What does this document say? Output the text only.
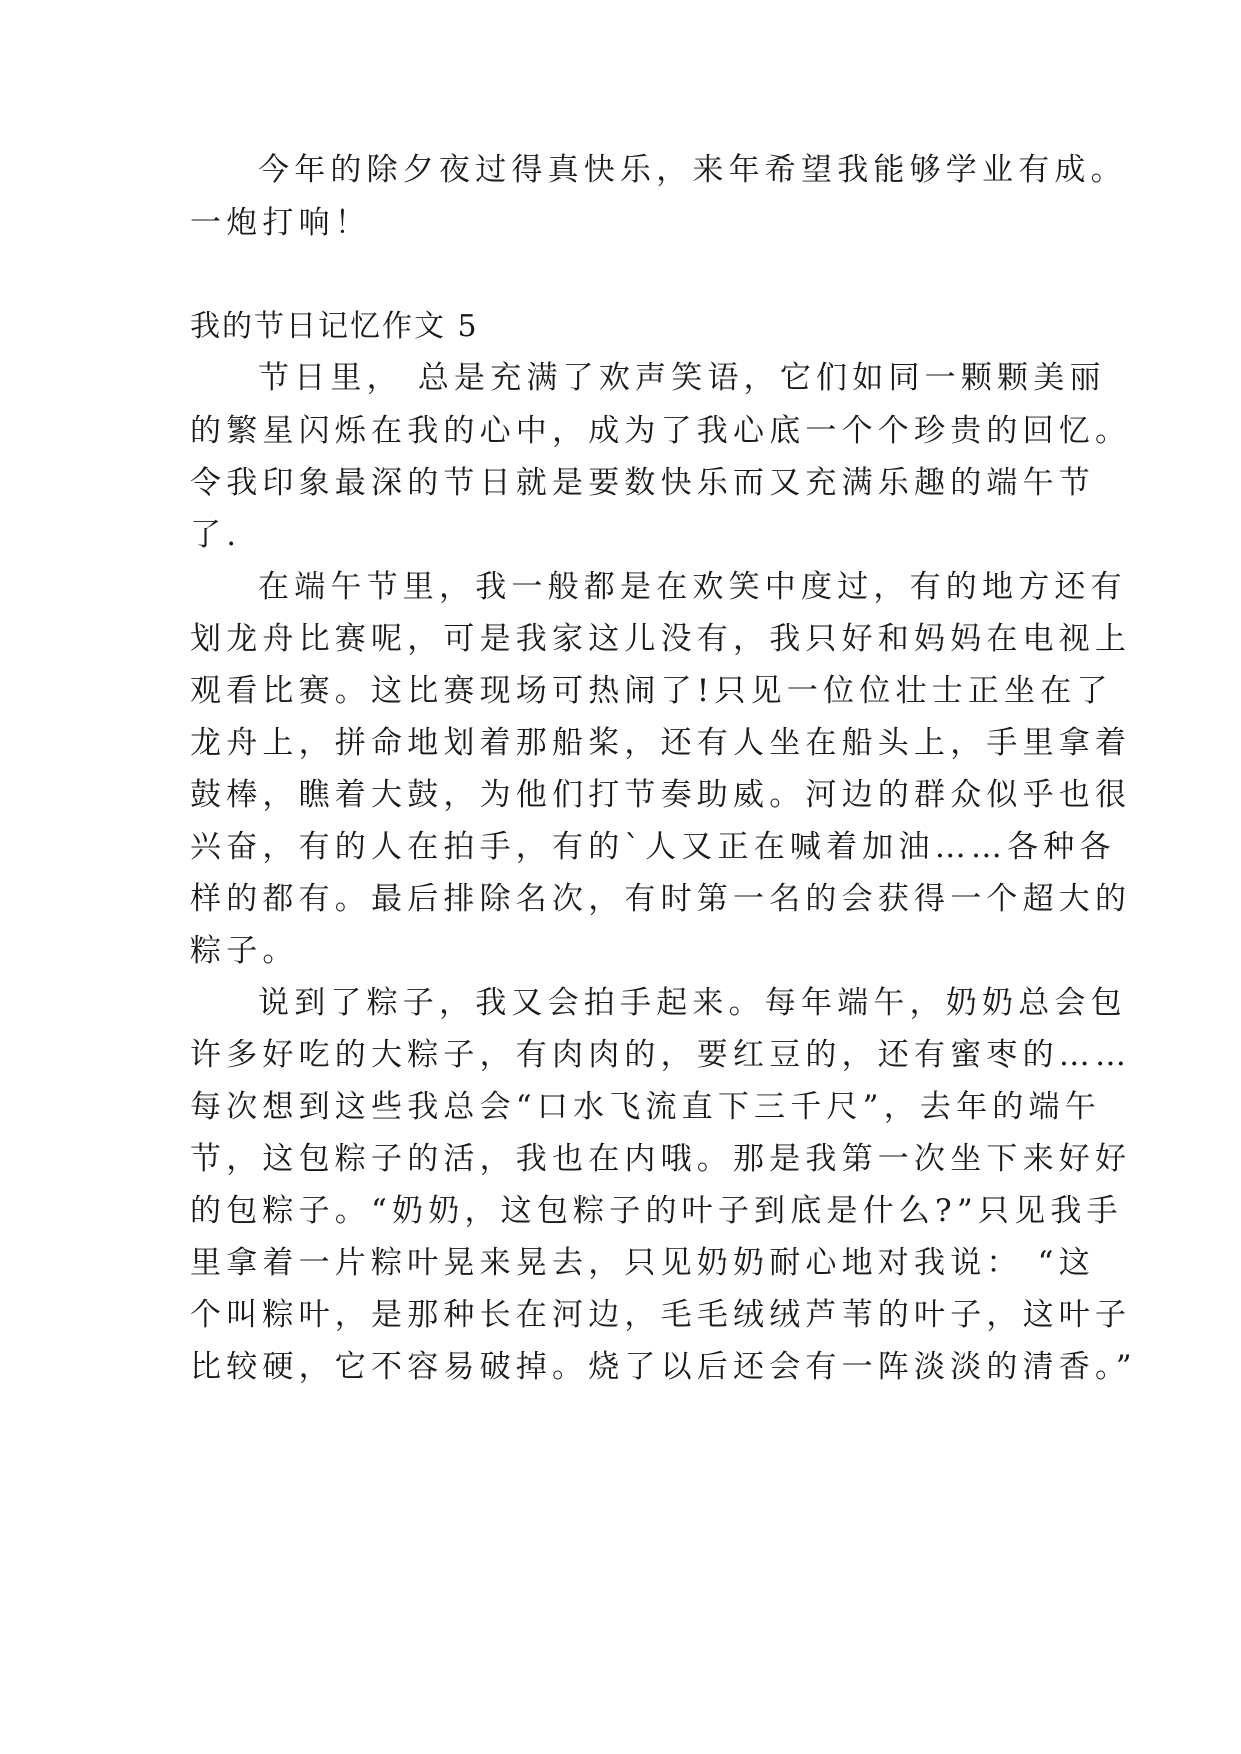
今年的除夕夜过得真快乐，来年希望我能够学业有成。

一炮打响！

我的节日记忆作文 5

节日里， 总是充满了欢声笑语，它们如同一颗颗美丽

的繁星闪烁在我的心中，成为了我心底一个个珍贵的回忆。

令我印象最深的节日就是要数快乐而又充满乐趣的端午节

了.

在端午节里，我一般都是在欢笑中度过，有的地方还有

划龙舟比赛呢，可是我家这儿没有，我只好和妈妈在电视上

观看比赛。这比赛现场可热闹了!只见一位位壮士正坐在了

龙舟上，拼命地划着那船桨，还有人坐在船头上，手里拿着

鼓棒，瞧着大鼓，为他们打节奏助威。河边的群众似乎也很

兴奋，有的人在拍手，有的`人又正在喊着加油……各种各

样的都有。最后排除名次，有时第一名的会获得一个超大的

粽子。

说到了粽子，我又会拍手起来。每年端午，奶奶总会包

许多好吃的大粽子，有肉肉的，要红豆的，还有蜜枣的……

每次想到这些我总会“口水飞流直下三千尺”，去年的端午

节，这包粽子的活，我也在内哦。那是我第一次坐下来好好

的包粽子。“奶奶，这包粽子的叶子到底是什么?”只见我手

里拿着一片粽叶晃来晃去，只见奶奶耐心地对我说： “这

个叫粽叶，是那种长在河边，毛毛绒绒芦苇的叶子，这叶子

比较硬，它不容易破掉。烧了以后还会有一阵淡淡的清香。”
